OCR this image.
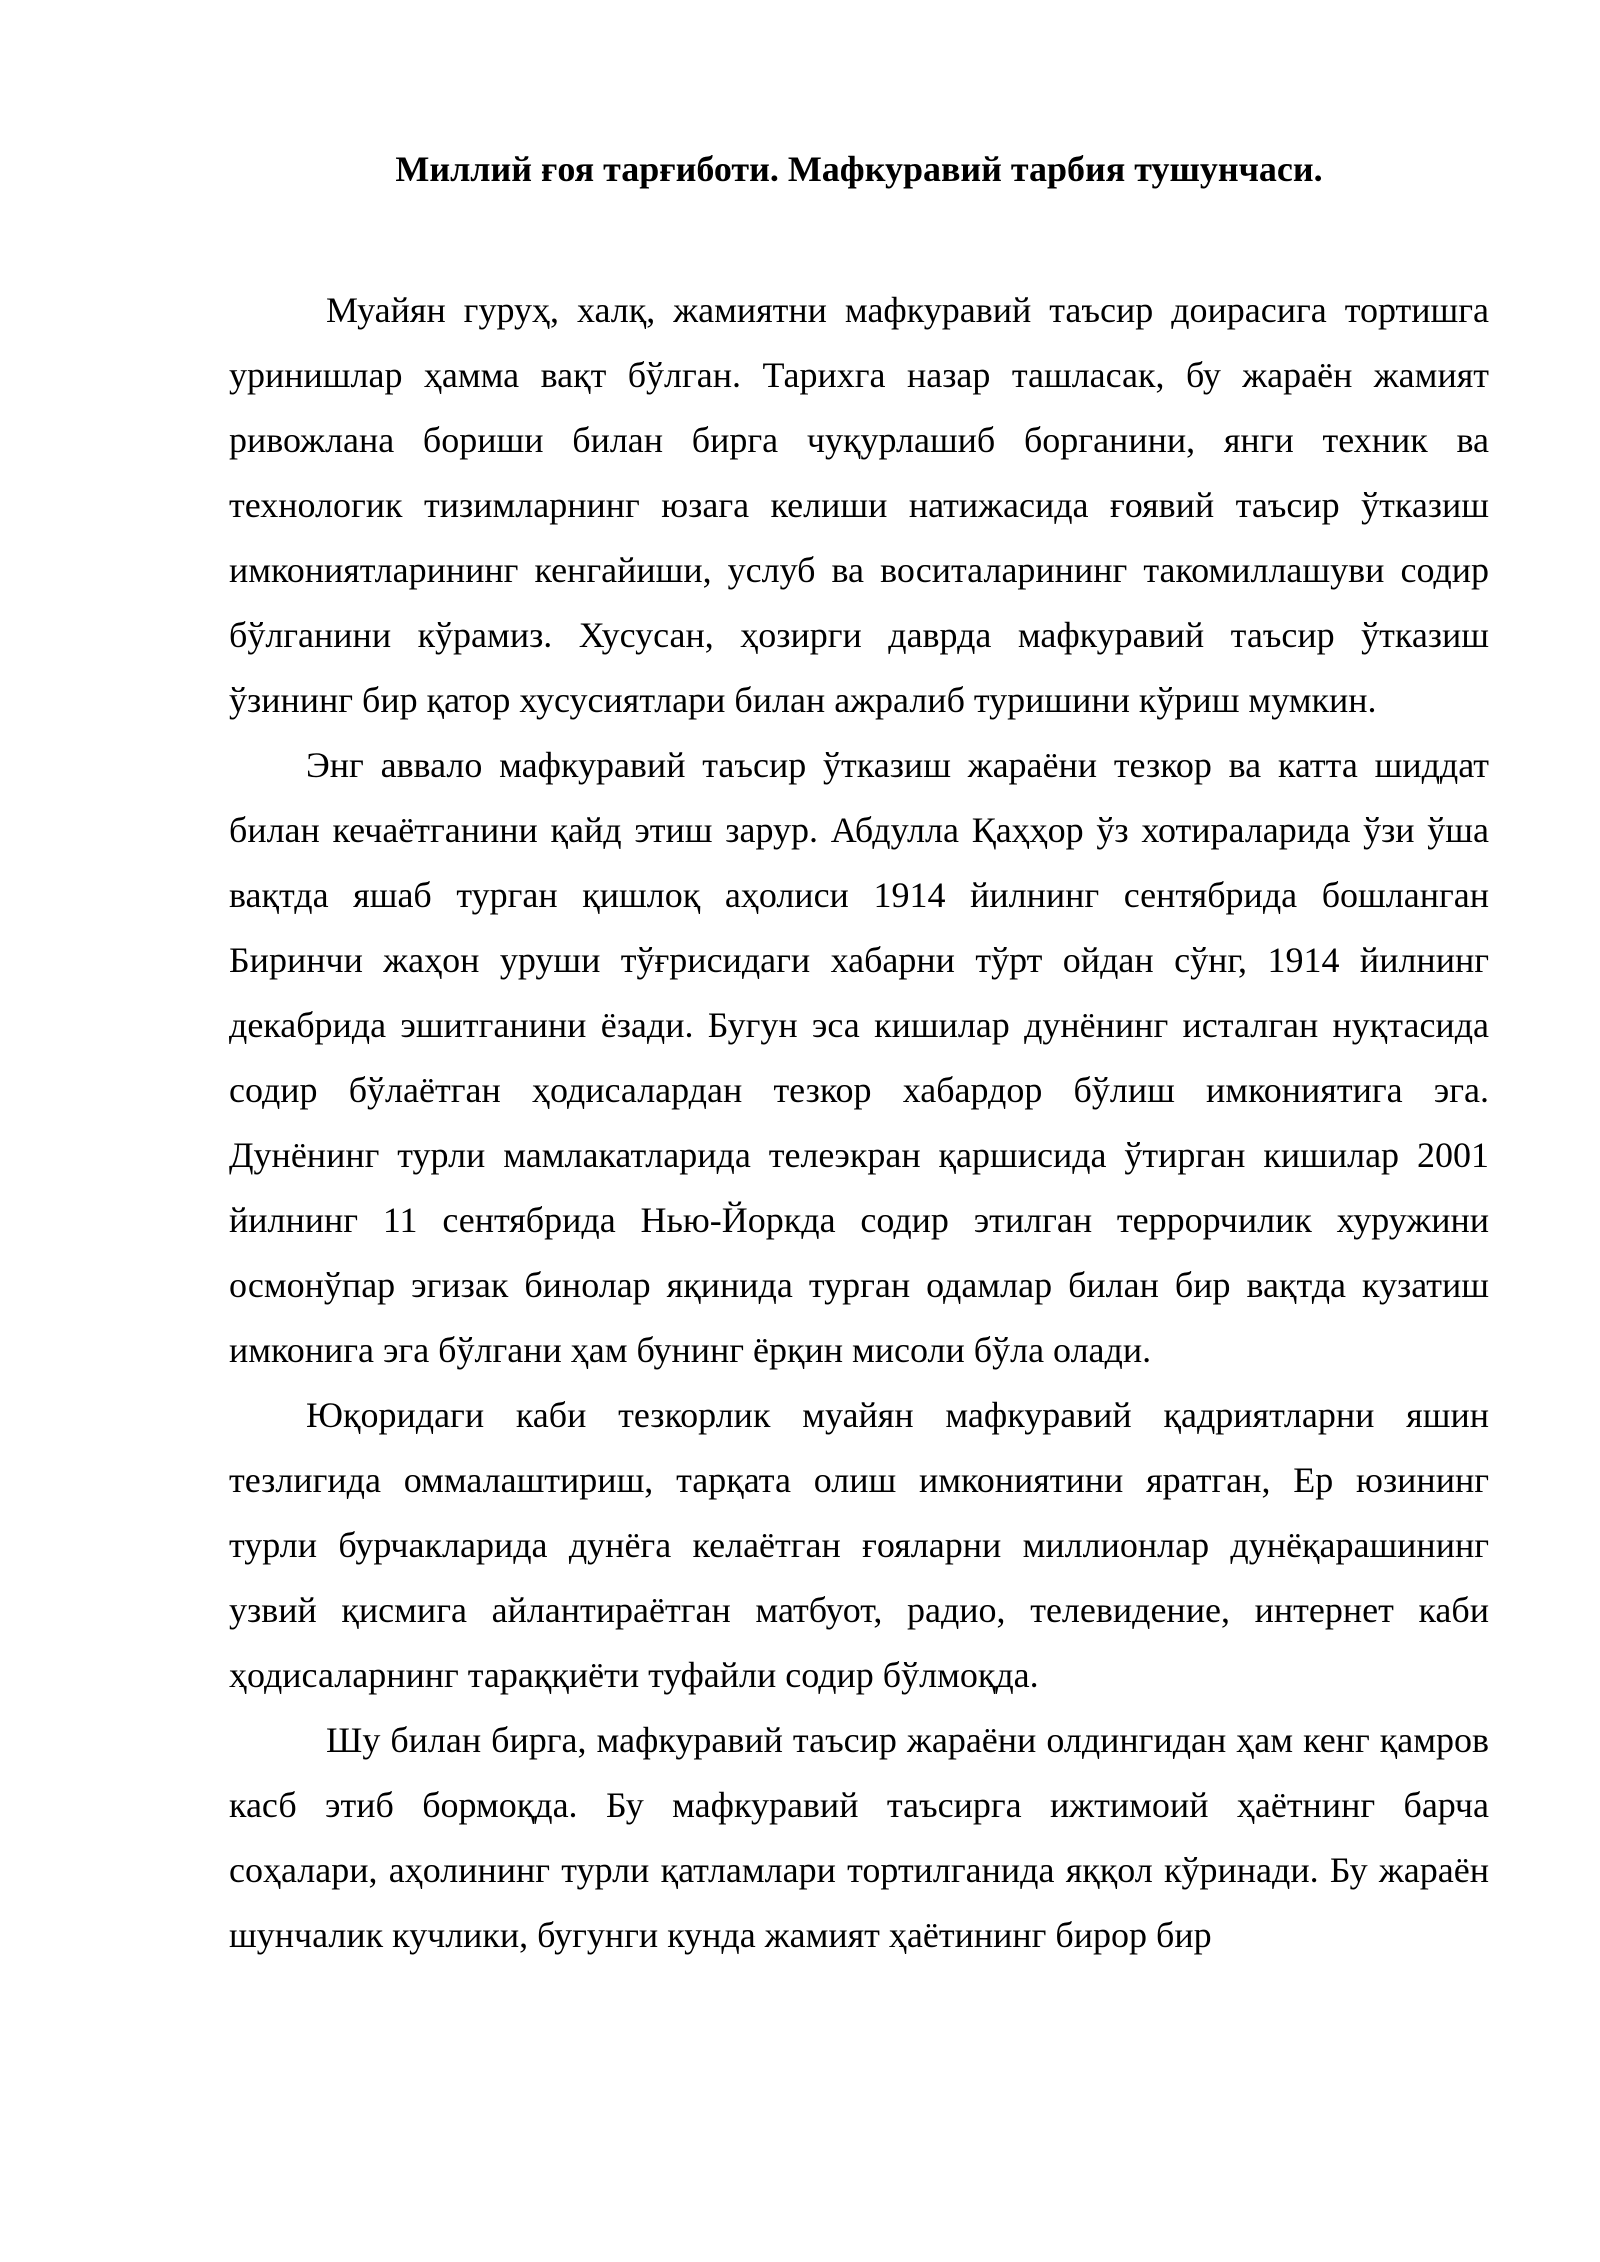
Миллий ғоя тарғиботи. Мафкуравий тарбия тушунчаси.

Муайян гуруҳ, халқ, жамиятни мафкуравий таъсир доирасига тортишга уринишлар ҳамма вақт бўлган. Тарихга назар ташласак, бу жараён жамият ривожлана бориши билан бирга чуқурлашиб борганини, янги техник ва технологик тизимларнинг юзага келиши натижасида ғоявий таъсир ўтказиш имкониятларининг кенгайиши, услуб ва воситаларининг такомиллашуви содир бўлганини кўрамиз. Хусусан, ҳозирги даврда мафкуравий таъсир ўтказиш ўзининг бир қатор хусусиятлари билан ажралиб туришини кўриш мумкин.

Энг аввало мафкуравий таъсир ўтказиш жараёни тезкор ва катта шиддат билан кечаётганини қайд этиш зарур. Абдулла Қаҳҳор ўз хотираларида ўзи ўша вақтда яшаб турган қишлоқ аҳолиси 1914 йилнинг сентябрида бошланган Биринчи жаҳон уруши тўғрисидаги хабарни тўрт ойдан сўнг, 1914 йилнинг декабрида эшитганини ёзади. Бугун эса кишилар дунёнинг исталган нуқтасида содир бўлаётган ҳодисалардан тезкор хабардор бўлиш имкониятига эга. Дунёнинг турли мамлакатларида телеэкран қаршисида ўтирган кишилар 2001 йилнинг 11 сентябрида Нью-Йоркда содир этилган террорчилик хуружини осмонўпар эгизак бинолар яқинида турган одамлар билан бир вақтда кузатиш имконига эга бўлгани ҳам бунинг ёрқин мисоли бўла олади.

Юқоридаги каби тезкорлик муайян мафкуравий қадриятларни яшин тезлигида оммалаштириш, тарқата олиш имкониятини яратган, Ер юзининг турли бурчакларида дунёга келаётган ғояларни миллионлар дунёқарашининг узвий қисмига айлантираётган матбуот, радио, телевидение, интернет каби ҳодисаларнинг тараққиёти туфайли содир бўлмоқда.

Шу билан бирга, мафкуравий таъсир жараёни олдингидан ҳам кенг қамров касб этиб бормоқда. Бу мафкуравий таъсирга ижтимоий ҳаётнинг барча соҳалари, аҳолининг турли қатламлари тортилганида яққол кўринади. Бу жараён шунчалик кучлики, бугунги кунда жамият ҳаётининг бирор бир
